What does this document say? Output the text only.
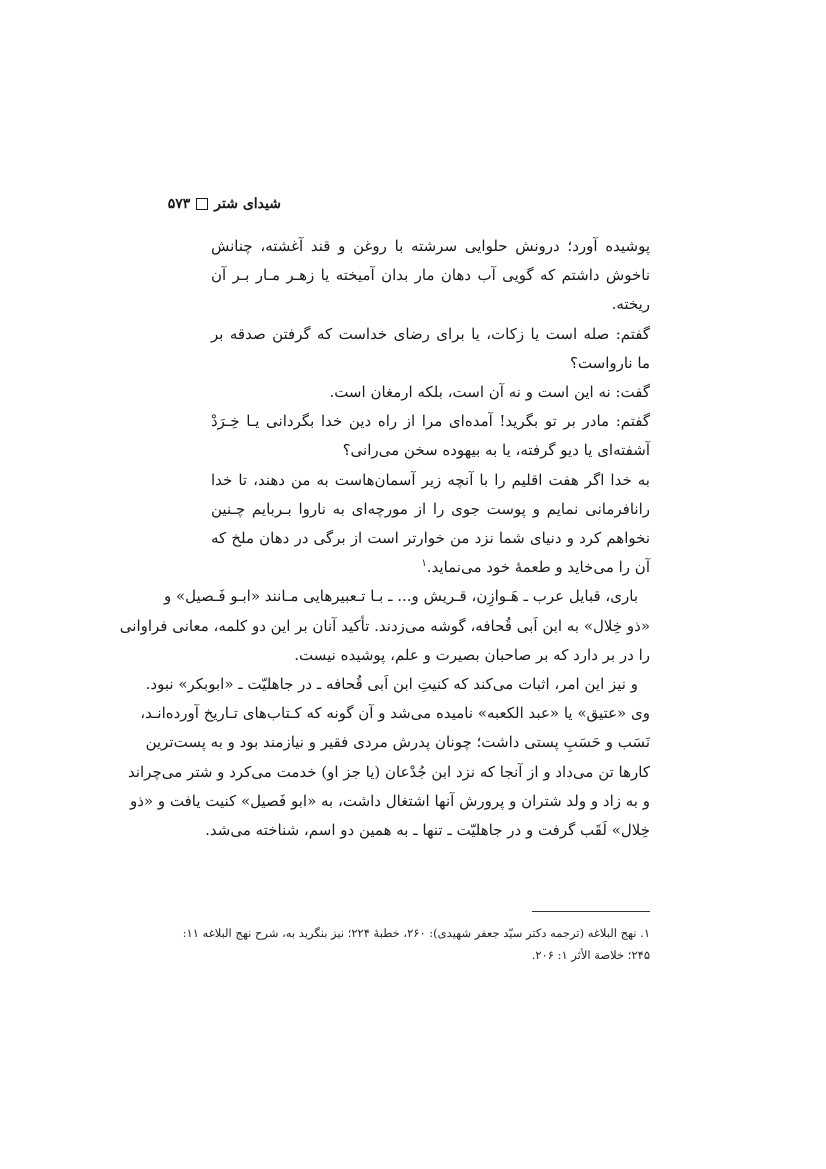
شیدای شتر
۵۷۳
پوشیده آورد؛ درونش حلوایی سرشته با روغن و قند آغشته، چنانش
ناخوش داشتم که گویی آب دهان مار بدان آمیخته یا زهـر مـار بـر آن
ریخته.
گفتم: صله است یا زکات، یا برای رضای خداست که گرفتن صدقه بر
ما نارواست؟
گفت: نه این است و نه آن است، بلکه ارمغان است.
گفتم: مادر بر تو بگرید! آمده‌ای مرا از راه دین خدا بگردانی یـا خِـرَدْ
آشفته‌ای یا دیو گرفته، یا به بیهوده سخن می‌رانی؟
به خدا اگر هفت اقلیم را با آنچه زیر آسمان‌هاست به من دهند، تا خدا
رانافرمانی نمایم و پوست جوی را از مورچه‌ای به ناروا بـربایم چـنین
نخواهم کرد و دنیای شما نزد من خوارتر است از برگی در دهان ملخ که
آن را می‌خاید و طعمهٔ خود می‌نماید.$^۱$
باری، قبایل عرب ـ هَـوازِن، قـریش و... ـ بـا تـعبیرهایی مـانند «ابـو فَـصیل» و
«ذو خِلال» به ابن اَبی قُحافه، گوشه می‌زدند. تأکید آنان بر این دو کلمه، معانی فراوانی
را در بر دارد که بر صاحبان بصیرت و علم، پوشیده نیست.
و نیز این امر، اثبات می‌کند که کنیتِ ابن اَبی قُحافه ـ در جاهلیّت ـ «ابوبکر» نبود.
وی «عتیق» یا «عبد الکعبه» نامیده می‌شد و آن گونه که کـتاب‌های تـاریخ آورده‌انـد،
نَسَب و حَسَبِ پستی داشت؛ چونان پدرش مردی فقیر و نیازمند بود و به پست‌ترین
کارها تن می‌داد و از آنجا که نزد ابن جُدْعان (یا جز او) خدمت می‌کرد و شتر می‌چراند
و به زاد و ولد شتران و پرورش آنها اشتغال داشت، به «ابو فَصیل» کنیت یافت و «ذو
خِلال» لَقَب گرفت و در جاهلیّت ـ تنها ـ به همین دو اسم، شناخته می‌شد.
۱. نهج البلاغه (ترجمه دکتر سیّد جعفر شهیدی): ۲۶۰، خطبهٔ ۲۲۴؛ نیز بنگرید به، شرح نهج البلاغه ۱۱:
۲۴۵؛ خلاصة الأثر ۱: ۲۰۶.
